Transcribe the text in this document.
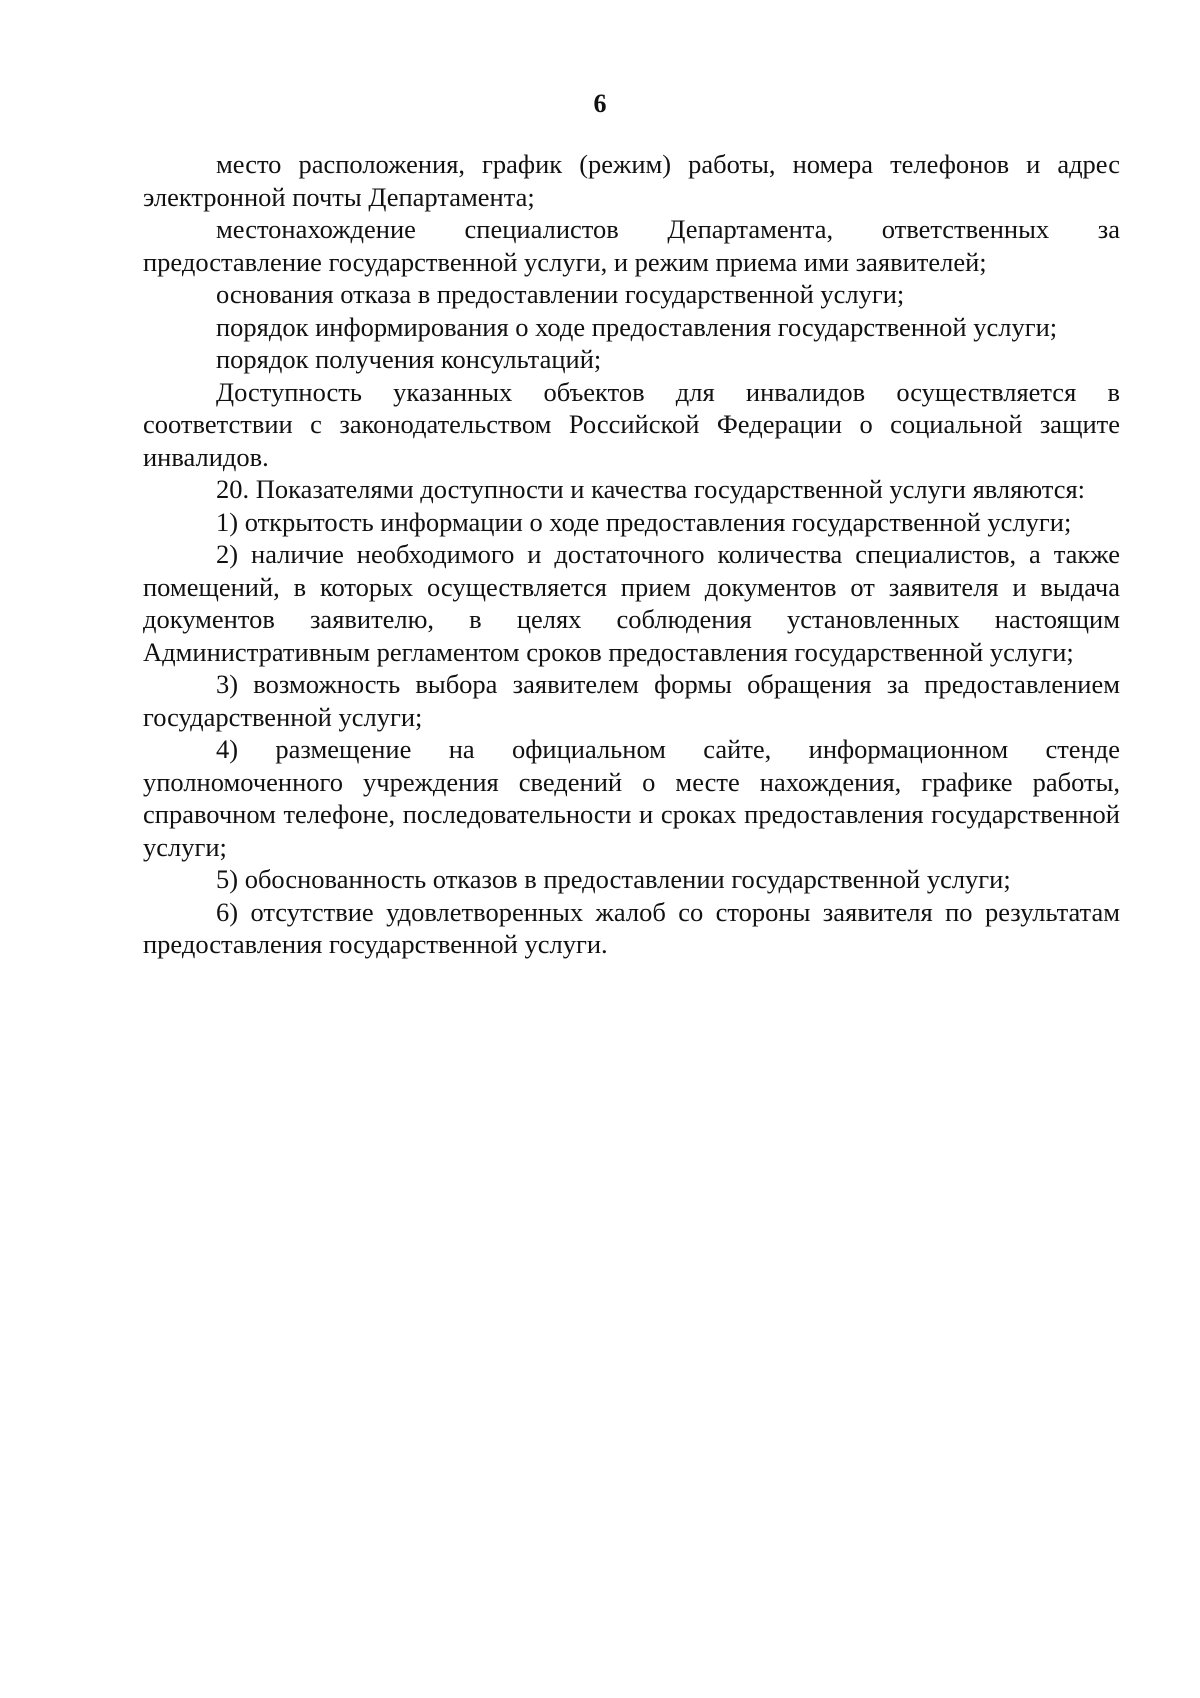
6

место расположения, график (режим) работы, номера телефонов и адрес электронной почты Департамента;

местонахождение специалистов Департамента, ответственных за предоставление государственной услуги, и режим приема ими заявителей;

основания отказа в предоставлении государственной услуги;

порядок информирования о ходе предоставления государственной услуги;

порядок получения консультаций;

Доступность указанных объектов для инвалидов осуществляется в соответствии с законодательством Российской Федерации о социальной защите инвалидов.

20. Показателями доступности и качества государственной услуги являются:

1) открытость информации о ходе предоставления государственной услуги;

2) наличие необходимого и достаточного количества специалистов, а также помещений, в которых осуществляется прием документов от заявителя и выдача документов заявителю, в целях соблюдения установленных настоящим Административным регламентом сроков предоставления государственной услуги;

3) возможность выбора заявителем формы обращения за предоставлением государственной услуги;

4) размещение на официальном сайте, информационном стенде уполномоченного учреждения сведений о месте нахождения, графике работы, справочном телефоне, последовательности и сроках предоставления государственной услуги;

5) обоснованность отказов в предоставлении государственной услуги;

6) отсутствие удовлетворенных жалоб со стороны заявителя по результатам предоставления государственной услуги.
